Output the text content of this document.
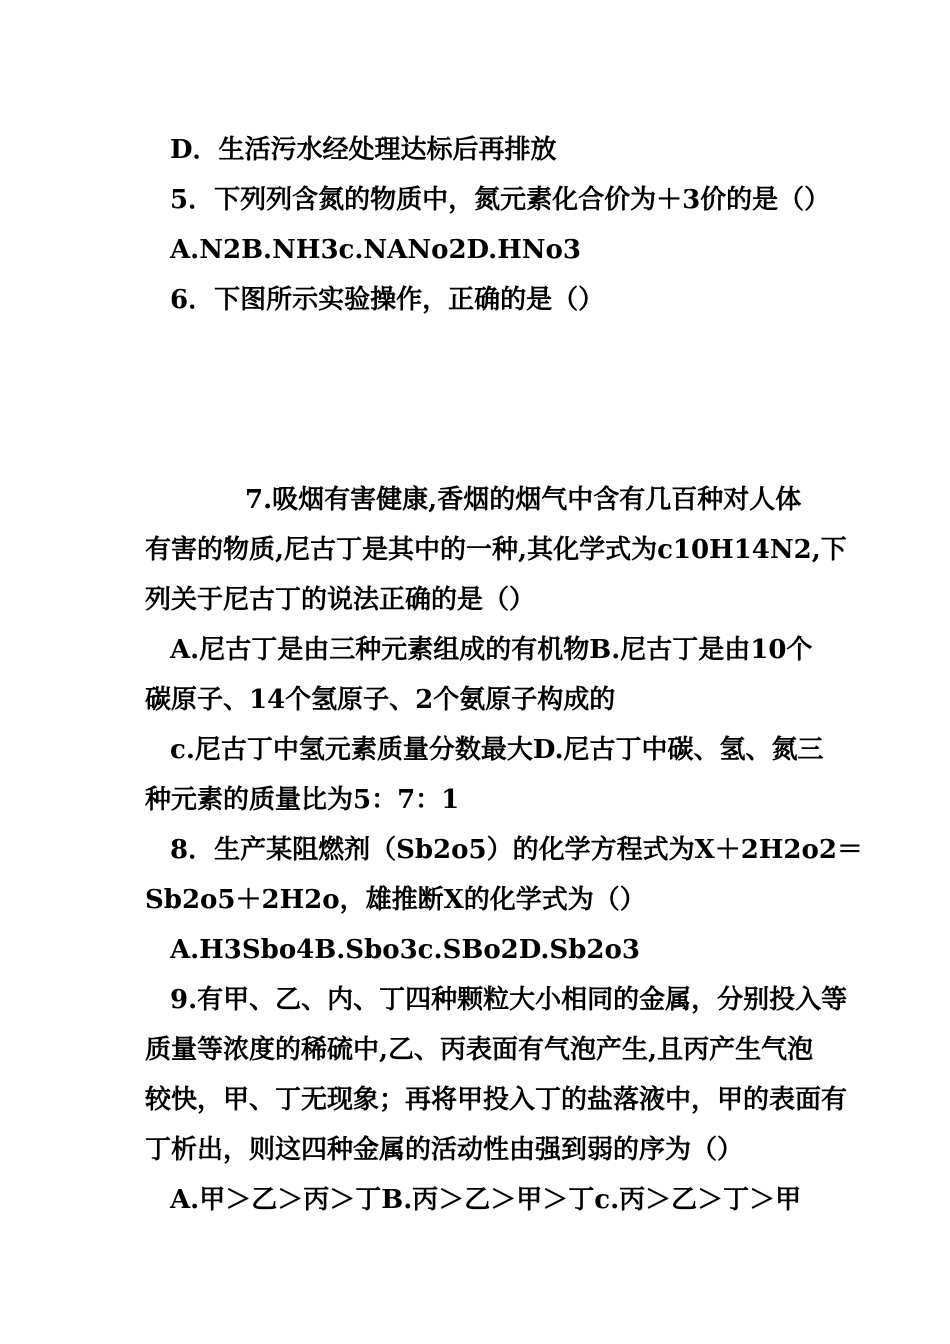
D．生活污水经处理达标后再排放
5．下列列含氮的物质中，氮元素化合价为＋3价的是（）
A.N2B.NH3c.NANo2D.HNo3
6．下图所示实验操作，正确的是（）
7.吸烟有害健康,香烟的烟气中含有几百种对人体
有害的物质,尼古丁是其中的一种,其化学式为c10H14N2,下
列关于尼古丁的说法正确的是（）
A.尼古丁是由三种元素组成的有机物B.尼古丁是由10个
碳原子、14个氢原子、2个氨原子构成的
c.尼古丁中氢元素质量分数最大D.尼古丁中碳、氢、氮三
种元素的质量比为5：7：1
8．生产某阻燃剂（Sb2o5）的化学方程式为X＋2H2o2＝
Sb2o5＋2H2o，雄推断X的化学式为（）
A.H3Sbo4B.Sbo3c.SBo2D.Sb2o3
9.有甲、乙、内、丁四种颗粒大小相同的金属，分别投入等
质量等浓度的稀硫中,乙、丙表面有气泡产生,且丙产生气泡
较快，甲、丁无现象；再将甲投入丁的盐落液中，甲的表面有
丁析出，则这四种金属的活动性由强到弱的序为（）
A.甲＞乙＞丙＞丁B.丙＞乙＞甲＞丁c.丙＞乙＞丁＞甲
